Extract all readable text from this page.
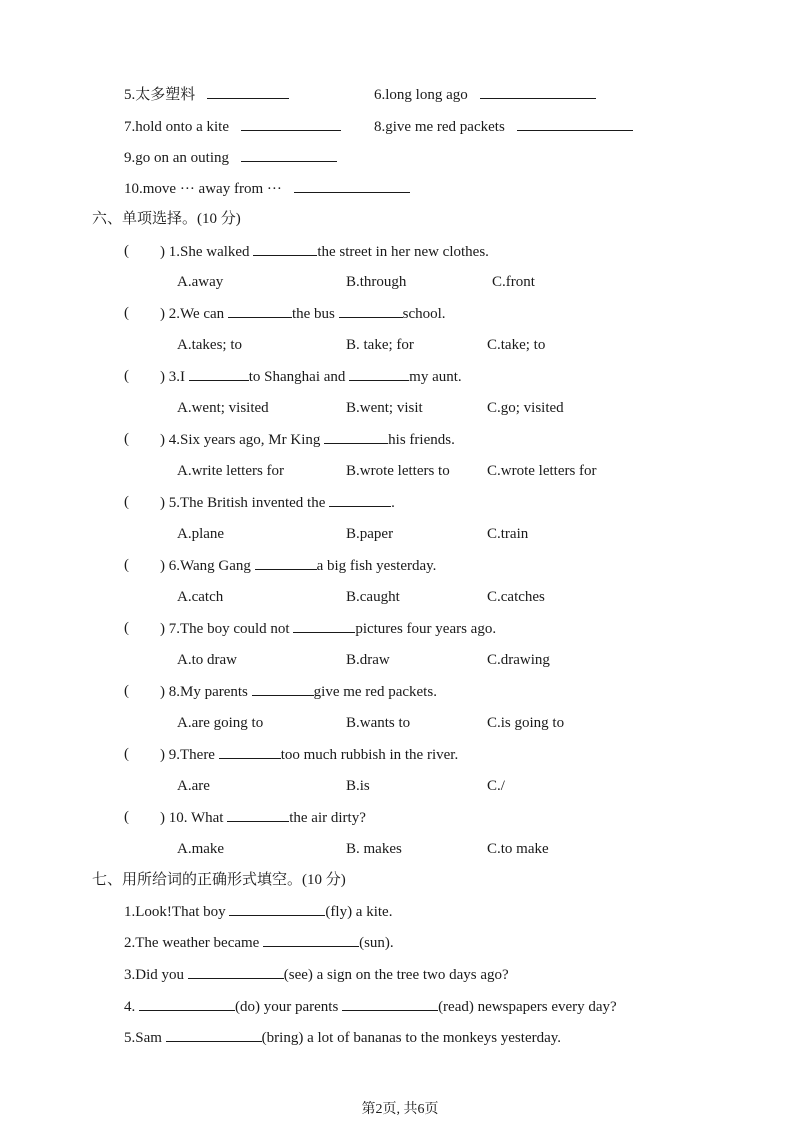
5.太多塑料	6.long long ago
7.hold onto a kite	8.give me red packets
9.go on an outing
10.move ··· away from ···
六、单项选择。(10 分)
( ) 1.She walked	the street in her new clothes.
A.away	B.through	C.front
( ) 2.We can	the bus	school.
A.takes; to	B. take; for	C.take; to
( ) 3.I	to Shanghai and	my aunt.
A.went; visited	B.went; visit	C.go; visited
( ) 4.Six years ago, Mr King	his friends.
A.write letters for	B.wrote letters to C.wrote letters for
( ) 5.The British invented the	.
A.plane	B.paper	C.train
( ) 6.Wang Gang	a big fish yesterday.
A.catch	B.caught	C.catches
( ) 7.The boy could not	pictures four years ago.
A.to draw	B.draw	C.drawing
( ) 8.My parents	give me red packets.
A.are going to	B.wants to	C.is going to
( ) 9.There	too much rubbish in the river.
A.are	B.is	C./
( ) 10. What	the air dirty?
A.make	B. makes	C.to make
七、用所给词的正确形式填空。(10 分)
1.Look!That boy	(fly) a kite.
2.The weather became	(sun).
3.Did you	(see) a sign on the tree two days ago?
4.	(do) your parents	(read) newspapers every day?
5.Sam	(bring) a lot of bananas to the monkeys yesterday.
第2页, 共6页
